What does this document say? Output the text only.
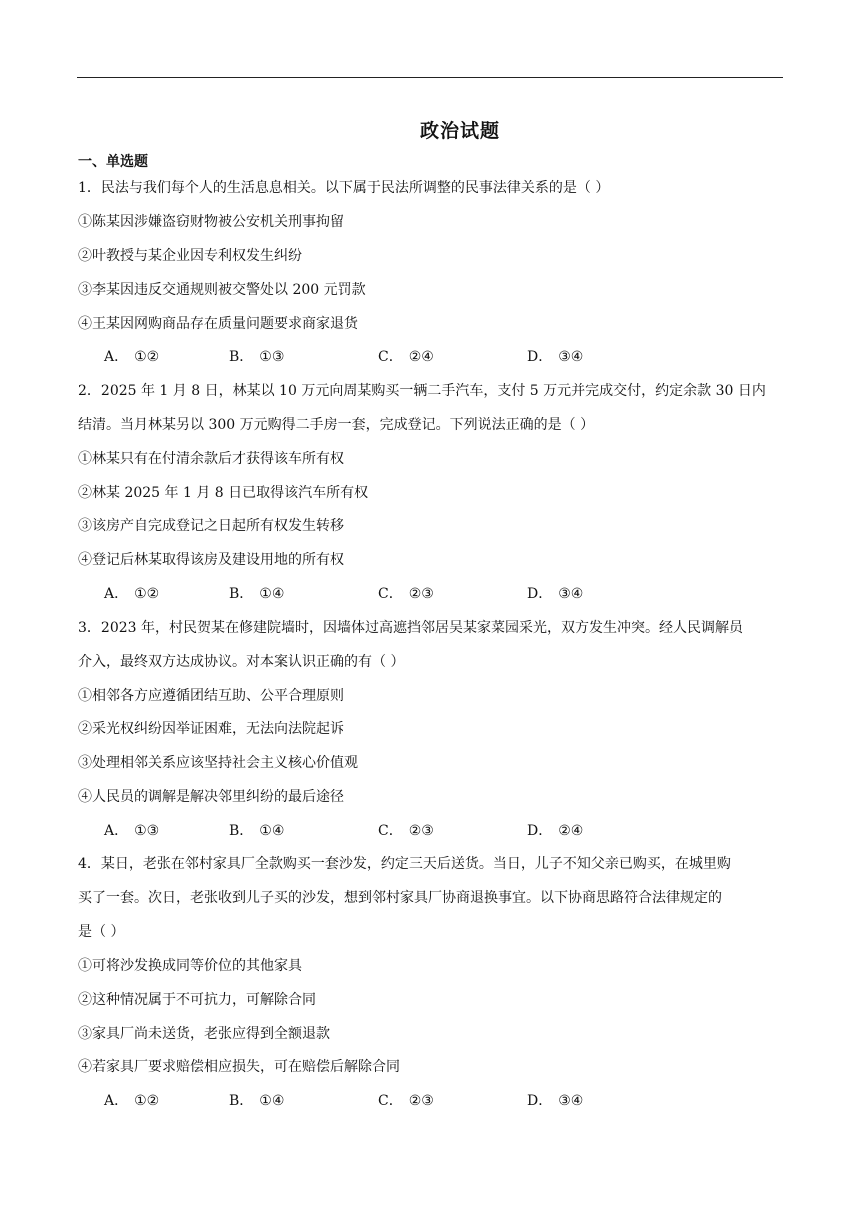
政治试题
一、单选题
1．民法与我们每个人的生活息息相关。以下属于民法所调整的民事法律关系的是（ ）
①陈某因涉嫌盗窃财物被公安机关刑事拘留
②叶教授与某企业因专利权发生纠纷
③李某因违反交通规则被交警处以 200 元罚款
④王某因网购商品存在质量问题要求商家退货
A． ①②	B． ①③	C． ②④	D． ③④
2．2025 年 1 月 8 日，林某以 10 万元向周某购买一辆二手汽车，支付 5 万元并完成交付，约定余款 30 日内
结清。当月林某另以 300 万元购得二手房一套，完成登记。下列说法正确的是（ ）
①林某只有在付清余款后才获得该车所有权
②林某 2025 年 1 月 8 日已取得该汽车所有权
③该房产自完成登记之日起所有权发生转移
④登记后林某取得该房及建设用地的所有权
A． ①②	B． ①④	C． ②③	D． ③④
3．2023 年，村民贺某在修建院墙时，因墙体过高遮挡邻居吴某家菜园采光，双方发生冲突。经人民调解员
介入，最终双方达成协议。对本案认识正确的有（ ）
①相邻各方应遵循团结互助、公平合理原则
②采光权纠纷因举证困难，无法向法院起诉
③处理相邻关系应该坚持社会主义核心价值观
④人民员的调解是解决邻里纠纷的最后途径
A． ①③	B． ①④	C． ②③	D． ②④
4．某日，老张在邻村家具厂全款购买一套沙发，约定三天后送货。当日，儿子不知父亲已购买，在城里购
买了一套。次日，老张收到儿子买的沙发，想到邻村家具厂协商退换事宜。以下协商思路符合法律规定的
是（ ）
①可将沙发换成同等价位的其他家具
②这种情况属于不可抗力，可解除合同
③家具厂尚未送货，老张应得到全额退款
④若家具厂要求赔偿相应损失，可在赔偿后解除合同
A． ①②	B． ①④	C． ②③	D． ③④
